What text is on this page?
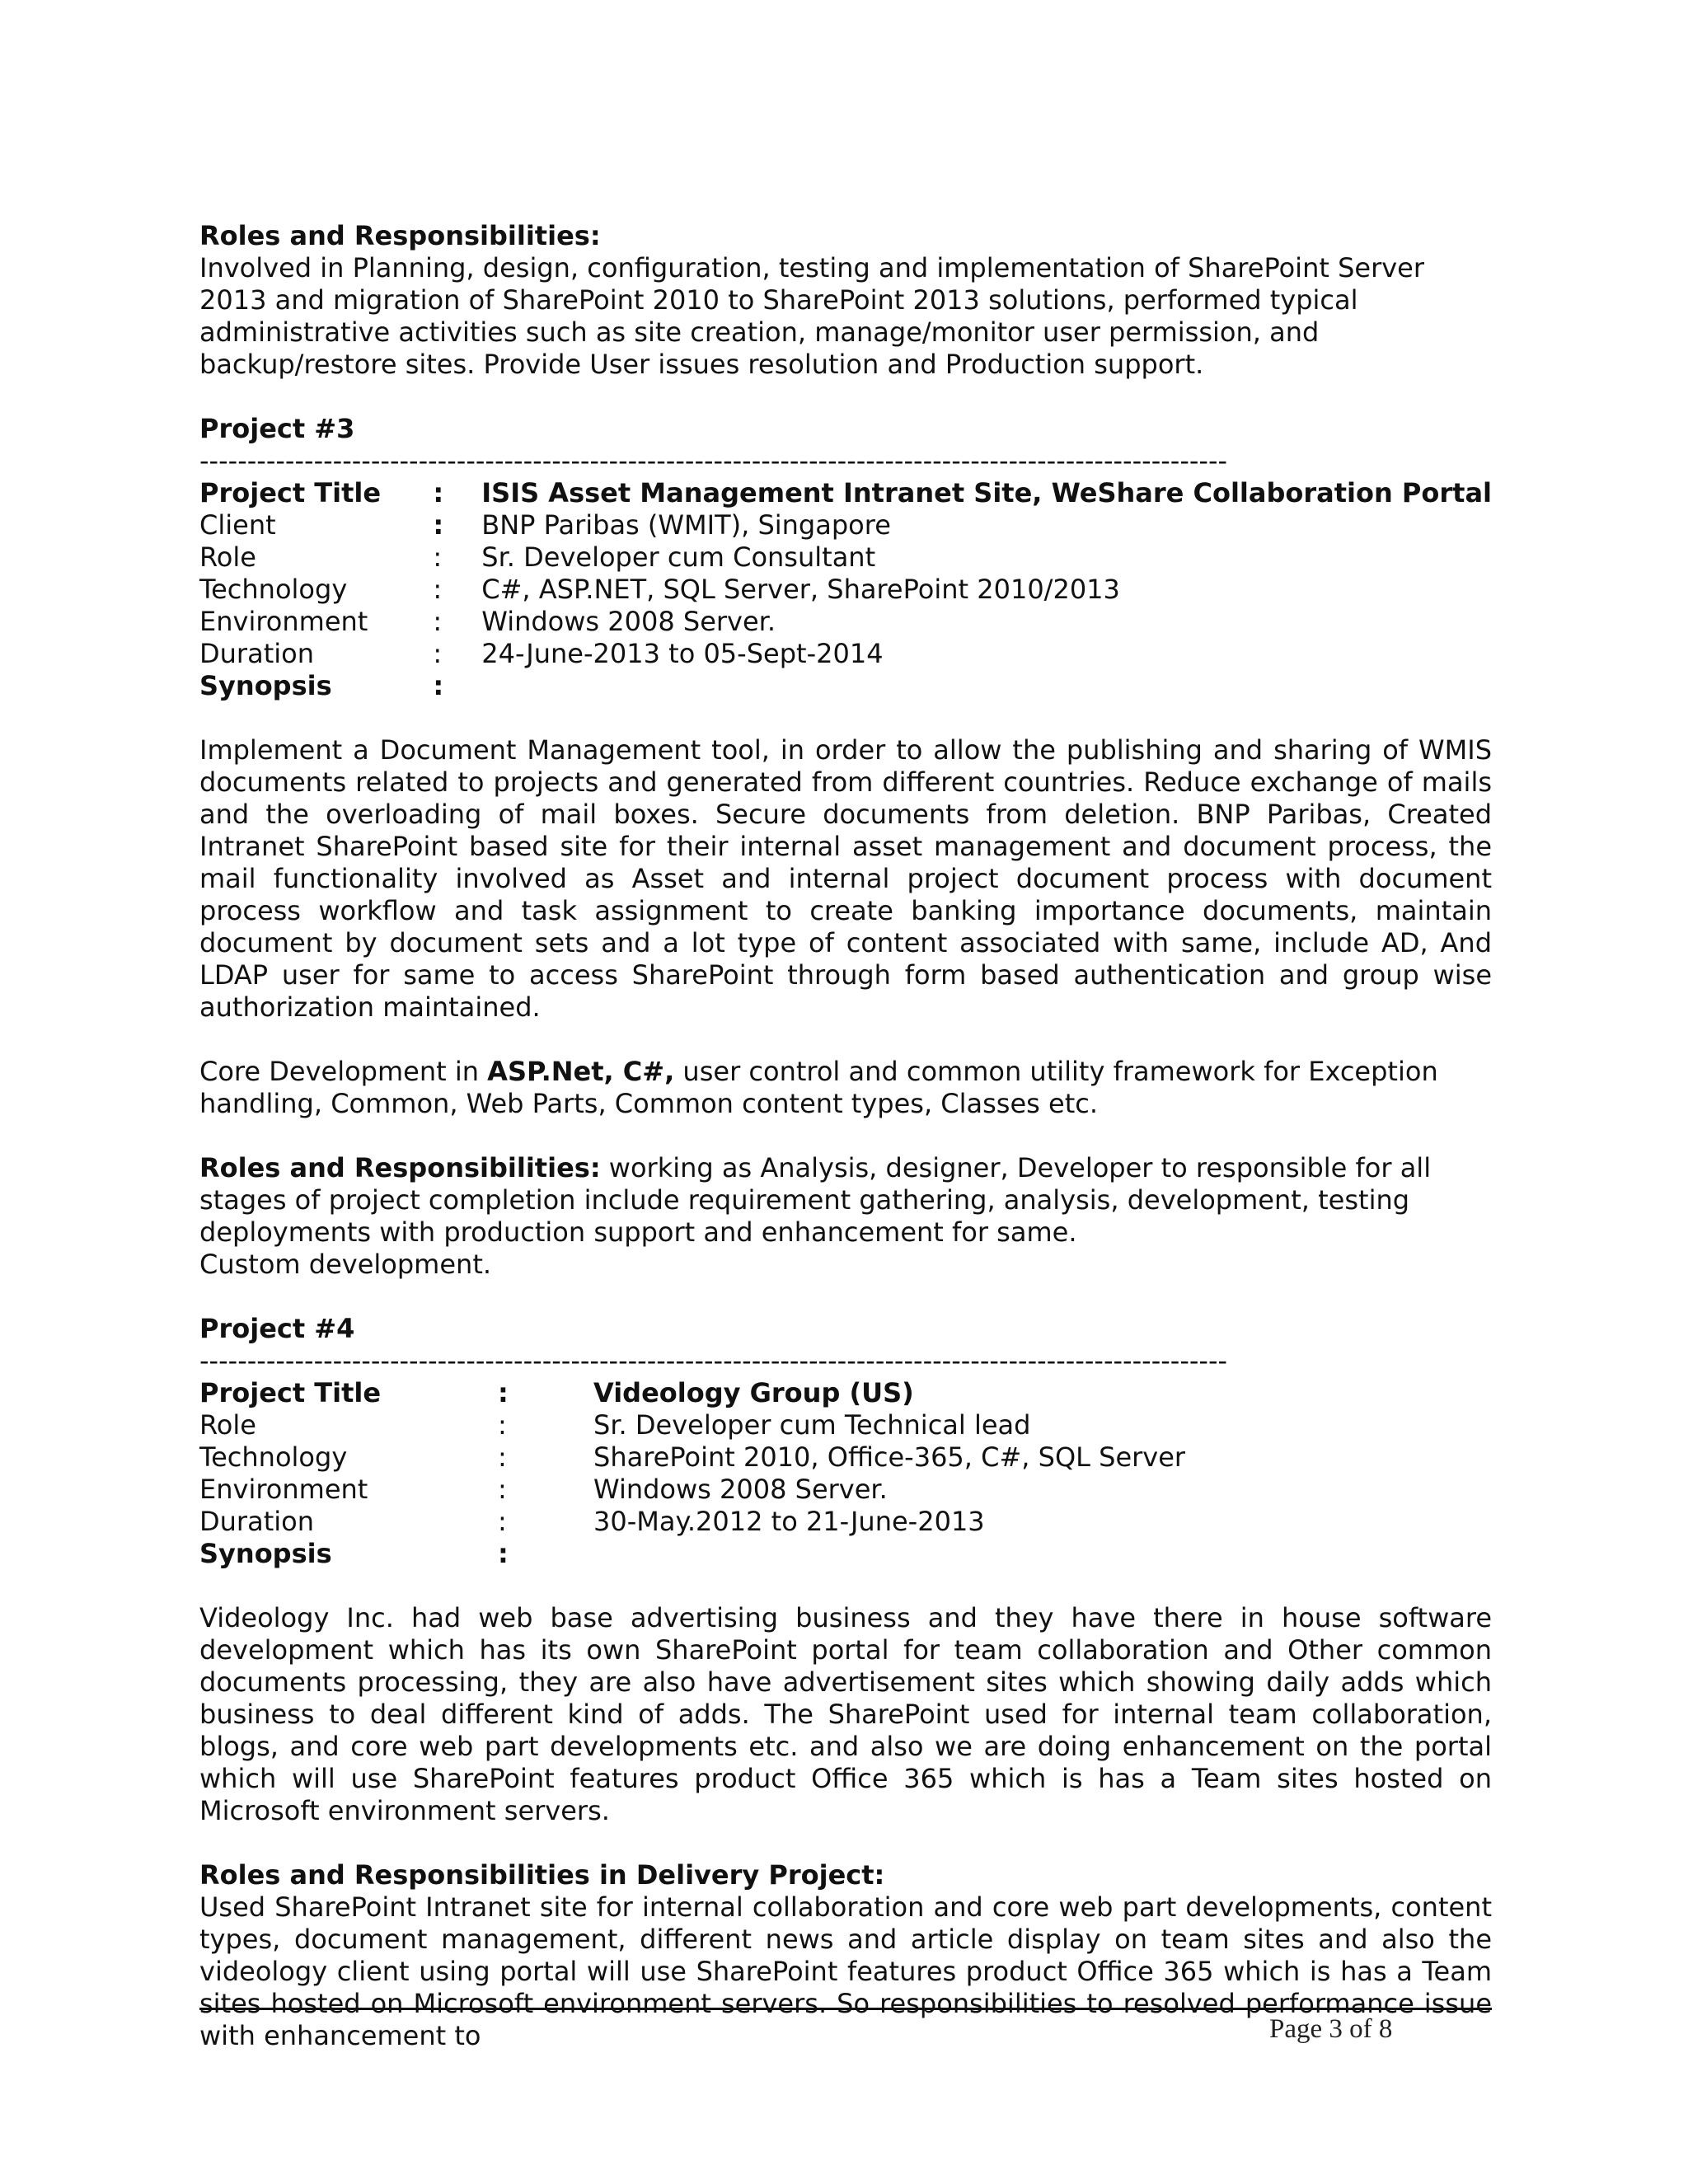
Roles and Responsibilities:

Involved in Planning, design, configuration, testing and implementation of SharePoint Server 2013 and migration of SharePoint 2010 to SharePoint 2013 solutions, performed typical administrative activities such as site creation, manage/monitor user permission, and backup/restore sites. Provide User issues resolution and Production support.

Project #3

------------------------------------------------------------------------------------------------------------
Project Title	:	ISIS Asset Management Intranet Site, WeShare Collaboration Portal
Client	:	BNP Paribas (WMIT), Singapore
Role	:	Sr. Developer cum Consultant
Technology	:	C#, ASP.NET, SQL Server, SharePoint 2010/2013
Environment	:	Windows 2008 Server.
Duration	:	24-June-2013 to 05-Sept-2014
Synopsis	:	

Implement a Document Management tool, in order to allow the publishing and sharing of WMIS documents related to projects and generated from different countries. Reduce exchange of mails and the overloading of mail boxes. Secure documents from deletion. BNP Paribas, Created Intranet SharePoint based site for their internal asset management and document process, the mail functionality involved as Asset and internal project document process with document process workflow and task assignment to create banking importance documents, maintain document by document sets and a lot type of content associated with same, include AD, And LDAP user for same to access SharePoint through form based authentication and group wise authorization maintained.

Core Development in ASP.Net, C#, user control and common utility framework for Exception handling, Common, Web Parts, Common content types, Classes etc.

Roles and Responsibilities: working as Analysis, designer, Developer to responsible for all stages of project completion include requirement gathering, analysis, development, testing deployments with production support and enhancement for same.

Custom development.

Project #4

------------------------------------------------------------------------------------------------------------
Project Title	:	Videology Group (US)
Role	:	Sr. Developer cum Technical lead
Technology	:	SharePoint 2010, Office-365, C#, SQL Server
Environment	:	Windows 2008 Server.
Duration	:	30-May.2012 to 21-June-2013
Synopsis	:	

Videology Inc. had web base advertising business and they have there in house software development which has its own SharePoint portal for team collaboration and Other common documents processing, they are also have advertisement sites which showing daily adds which business to deal different kind of adds. The SharePoint used for internal team collaboration, blogs, and core web part developments etc. and also we are doing enhancement on the portal which will use SharePoint features product Office 365 which is has a Team sites hosted on Microsoft environment servers.

Roles and Responsibilities in Delivery Project:

Used SharePoint Intranet site for internal collaboration and core web part developments, content types, document management, different news and article display on team sites and also the videology client using portal will use SharePoint features product Office 365 which is has a Team sites hosted on Microsoft environment servers. So responsibilities to resolved performance issue with enhancement to	Page 3 of 8
